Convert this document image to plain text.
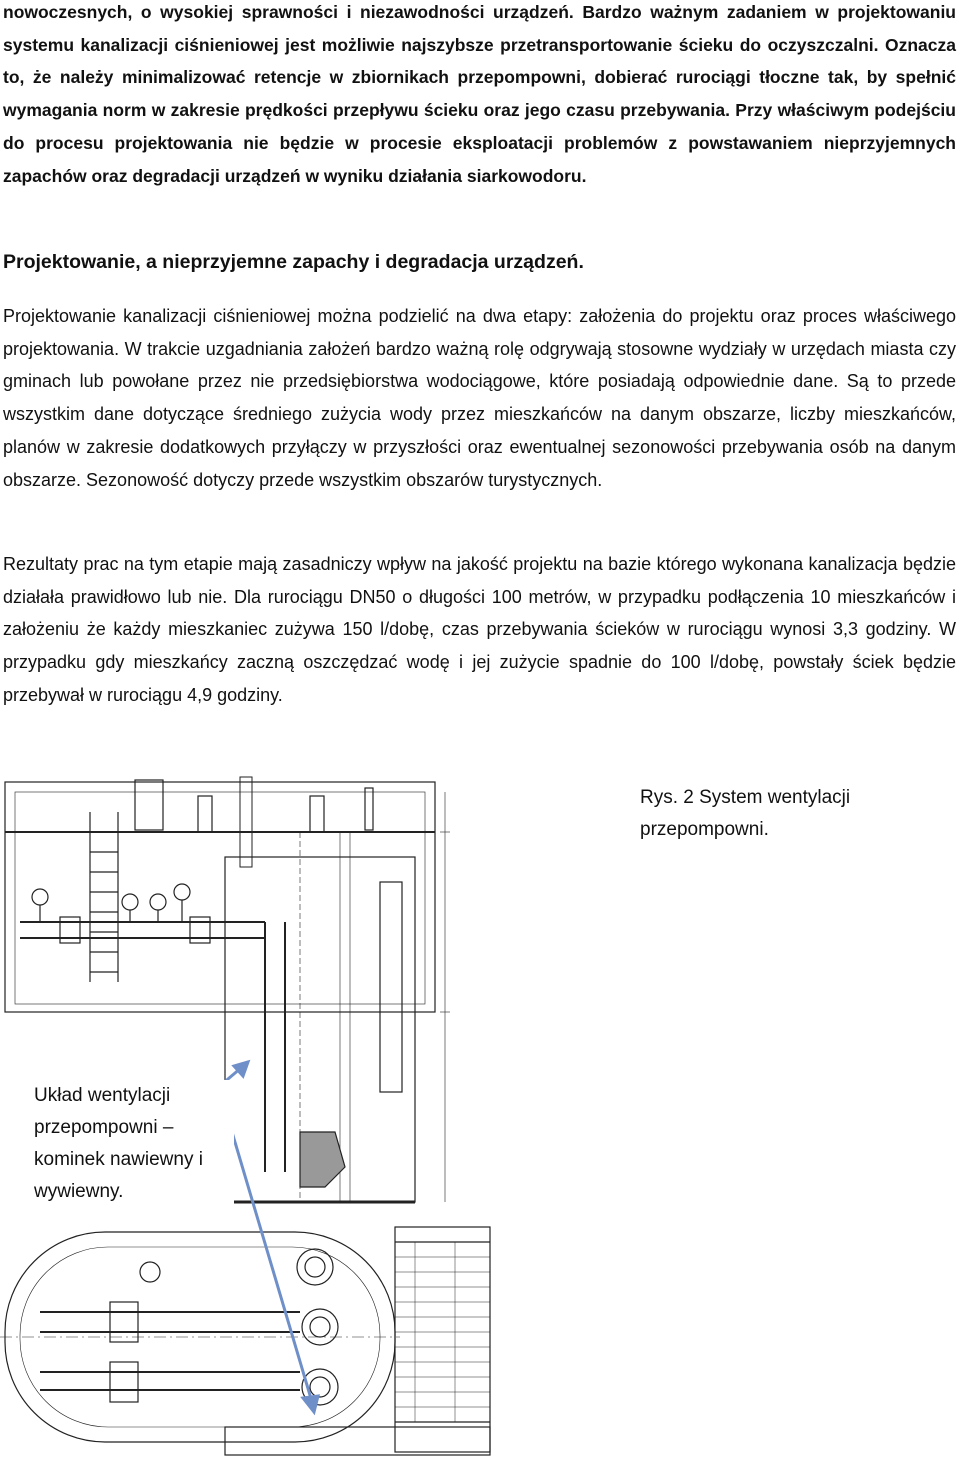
nowoczesnych, o wysokiej sprawności i niezawodności urządzeń. Bardzo ważnym zadaniem w projektowaniu systemu kanalizacji ciśnieniowej jest możliwie najszybsze przetransportowanie ścieku do oczyszczalni. Oznacza to, że należy minimalizować retencje w zbiornikach przepompowni, dobierać rurociągi tłoczne tak, by spełnić wymagania norm w zakresie prędkości przepływu ścieku oraz jego czasu przebywania. Przy właściwym podejściu do procesu projektowania nie będzie w procesie eksploatacji problemów z powstawaniem nieprzyjemnych zapachów oraz degradacji urządzeń w wyniku działania siarkowodoru.
Projektowanie, a nieprzyjemne zapachy i degradacja urządzeń.
Projektowanie kanalizacji ciśnieniowej można podzielić na dwa etapy: założenia do projektu oraz proces właściwego projektowania. W trakcie uzgadniania założeń bardzo ważną rolę odgrywają stosowne wydziały w urzędach miasta czy gminach lub powołane przez nie przedsiębiorstwa wodociągowe, które posiadają odpowiednie dane. Są to przede wszystkim dane dotyczące średniego zużycia wody przez mieszkańców na danym obszarze, liczby mieszkańców, planów w zakresie dodatkowych przyłączy w przyszłości oraz ewentualnej sezonowości przebywania osób na danym obszarze. Sezonowość dotyczy przede wszystkim obszarów turystycznych.
Rezultaty prac na tym etapie mają zasadniczy wpływ na jakość projektu na bazie którego wykonana kanalizacja będzie działała prawidłowo lub nie. Dla rurociągu DN50 o długości 100 metrów, w przypadku podłączenia 10 mieszkańców i założeniu że każdy mieszkaniec zużywa 150 l/dobę, czas przebywania ścieków w rurociągu wynosi 3,3 godziny. W przypadku gdy mieszkańcy zaczną oszczędzać wodę i jej zużycie spadnie do 100 l/dobę, powstały ściek będzie przebywał w rurociągu 4,9 godziny.
Rys. 2 System wentylacji przepompowni.
Układ wentylacji przepompowni – kominek nawiewny i wywiewny.
